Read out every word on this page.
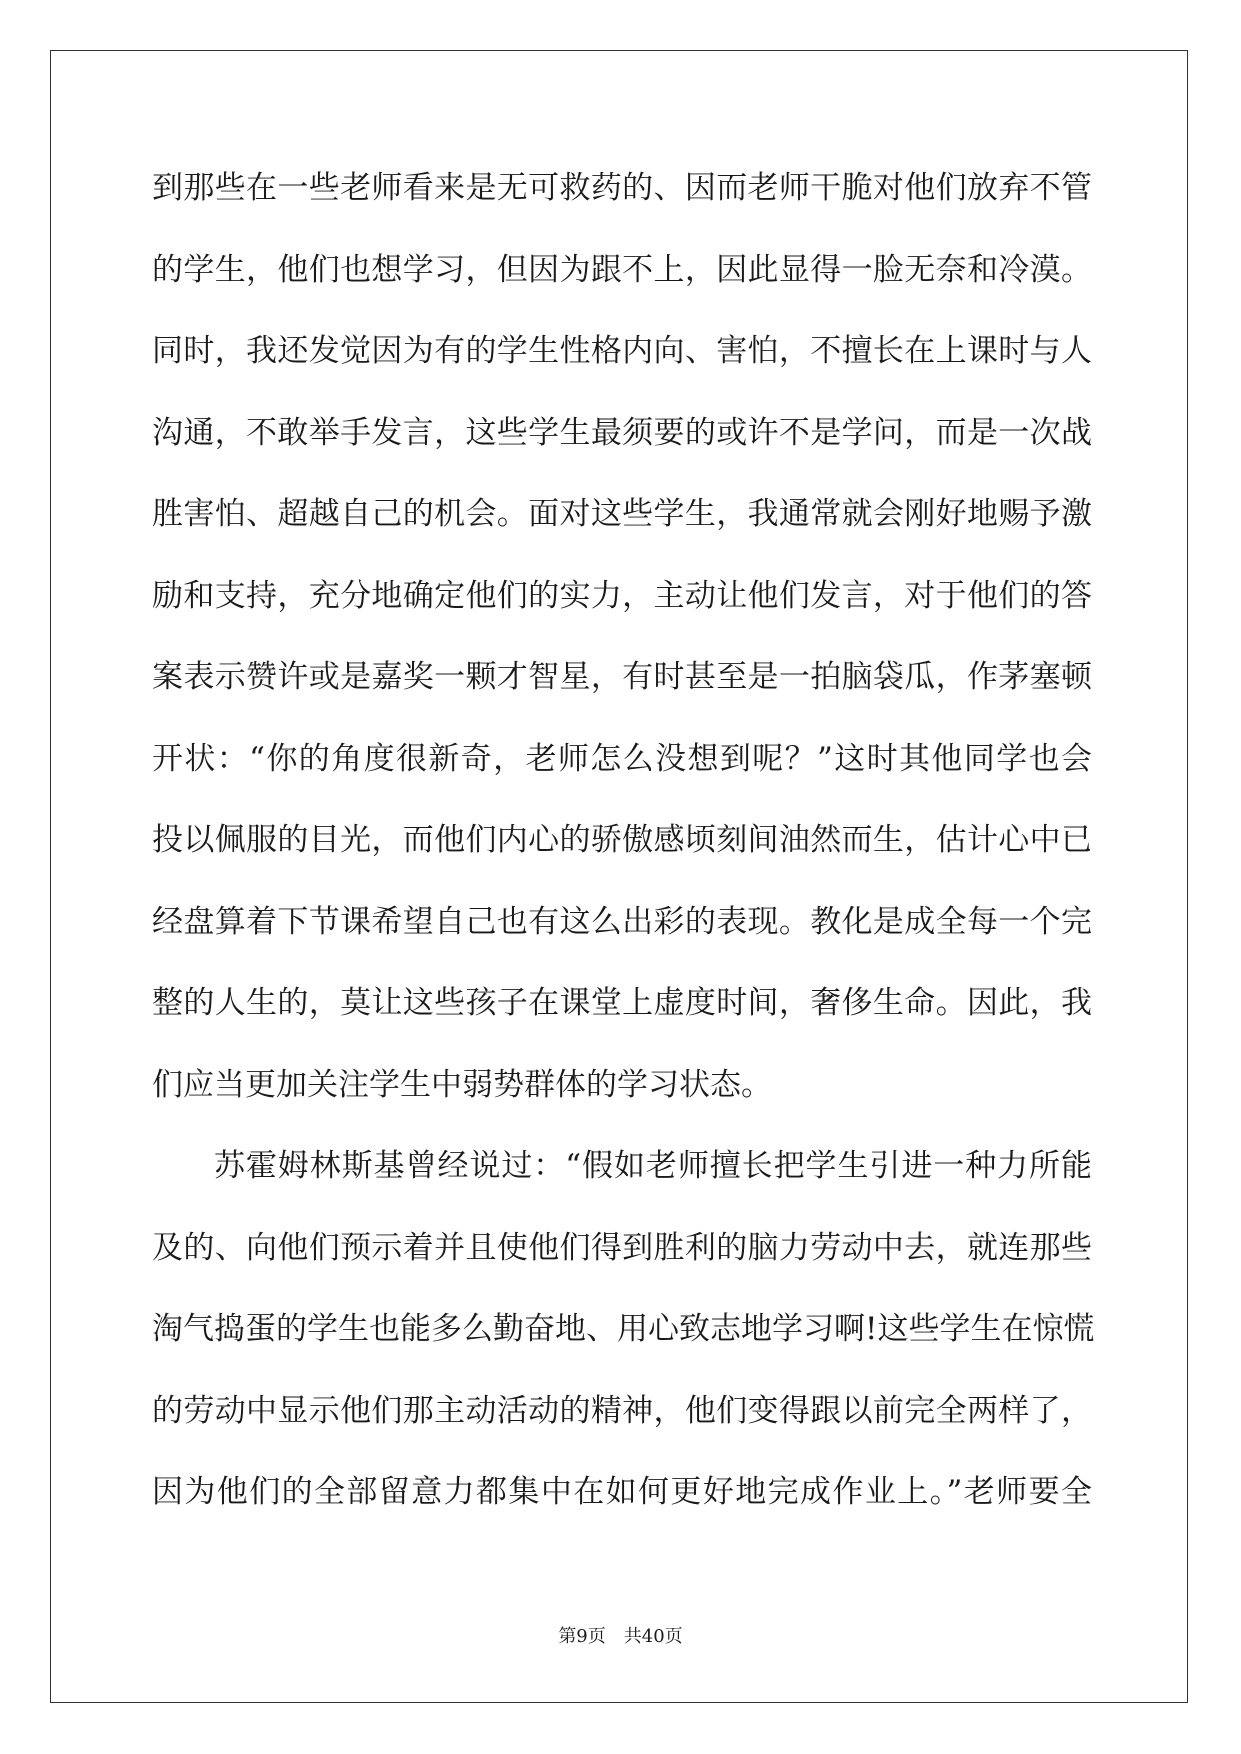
到那些在一些老师看来是无可救药的、因而老师干脆对他们放弃不管
的学生，他们也想学习，但因为跟不上，因此显得一脸无奈和冷漠。
同时，我还发觉因为有的学生性格内向、害怕，不擅长在上课时与人
沟通，不敢举手发言，这些学生最须要的或许不是学问，而是一次战
胜害怕、超越自己的机会。面对这些学生，我通常就会刚好地赐予激
励和支持，充分地确定他们的实力，主动让他们发言，对于他们的答
案表示赞许或是嘉奖一颗才智星，有时甚至是一拍脑袋瓜，作茅塞顿
开状：“你的角度很新奇，老师怎么没想到呢？”这时其他同学也会
投以佩服的目光，而他们内心的骄傲感顷刻间油然而生，估计心中已
经盘算着下节课希望自己也有这么出彩的表现。教化是成全每一个完
整的人生的，莫让这些孩子在课堂上虚度时间，奢侈生命。因此，我
们应当更加关注学生中弱势群体的学习状态。
苏霍姆林斯基曾经说过：“假如老师擅长把学生引进一种力所能
及的、向他们预示着并且使他们得到胜利的脑力劳动中去，就连那些
淘气捣蛋的学生也能多么勤奋地、用心致志地学习啊!这些学生在惊慌
的劳动中显示他们那主动活动的精神，他们变得跟以前完全两样了，
因为他们的全部留意力都集中在如何更好地完成作业上。”老师要全
第9页 共40页
